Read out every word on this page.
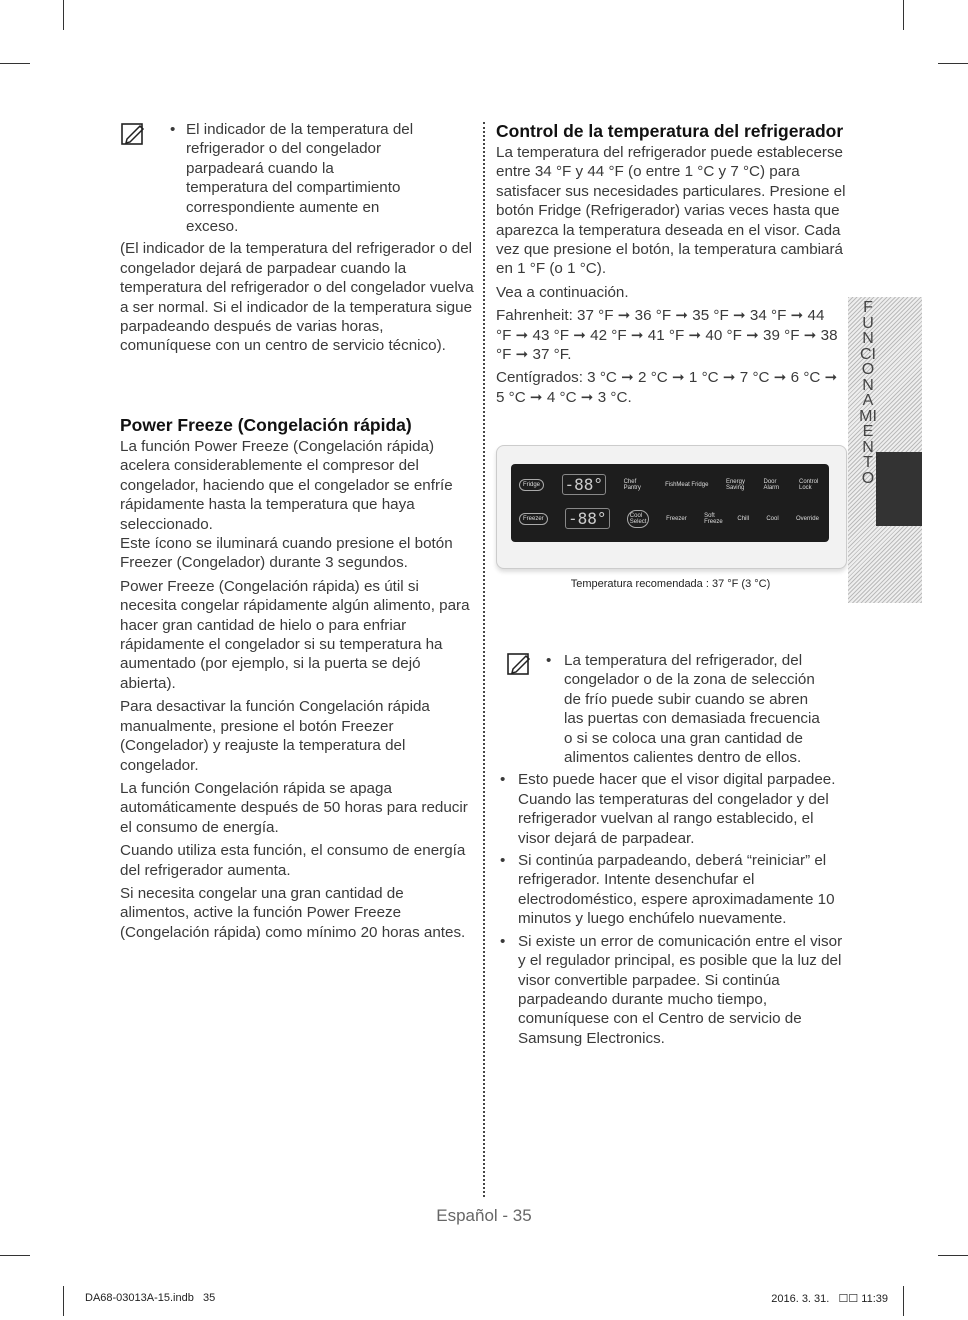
• El indicador de la temperatura del refrigerador o del congelador parpadeará cuando la temperatura del compartimiento correspondiente aumente en exceso.

(El indicador de la temperatura del refrigerador o del congelador dejará de parpadear cuando la temperatura del refrigerador o del congelador vuelva a ser normal. Si el indicador de la temperatura sigue parpadeando después de varias horas, comuníquese con un centro de servicio técnico).

Power Freeze (Congelación rápida)

La función Power Freeze (Congelación rápida) acelera considerablemente el compresor del congelador, haciendo que el congelador se enfríe rápidamente hasta la temperatura que haya seleccionado.

Este ícono se iluminará cuando presione el botón Freezer (Congelador) durante 3 segundos.

Power Freeze (Congelación rápida) es útil si necesita congelar rápidamente algún alimento, para hacer gran cantidad de hielo o para enfriar rápidamente el congelador si su temperatura ha aumentado (por ejemplo, si la puerta se dejó abierta).

Para desactivar la función Congelación rápida manualmente, presione el botón Freezer (Congelador) y reajuste la temperatura del congelador.

La función Congelación rápida se apaga automáticamente después de 50 horas para reducir el consumo de energía.

Cuando utiliza esta función, el consumo de energía del refrigerador aumenta.

Si necesita congelar una gran cantidad de alimentos, active la función Power Freeze (Congelación rápida) como mínimo 20 horas antes.

Control de la temperatura del refrigerador

La temperatura del refrigerador puede establecerse entre 34 °F y 44 °F (o entre 1 °C y 7 °C) para satisfacer sus necesidades particulares. Presione el botón Fridge (Refrigerador) varias veces hasta que aparezca la temperatura deseada en el visor. Cada vez que presione el botón, la temperatura cambiará en 1 °F (o 1 °C).

Vea a continuación.

Fahrenheit: 37 °F ➞ 36 °F ➞ 35 °F ➞ 34 °F ➞ 44 °F ➞ 43 °F ➞ 42 °F ➞ 41 °F ➞ 40 °F ➞ 39 °F ➞ 38 °F ➞ 37 °F.

Centígrados: 3 °C ➞ 2 °C ➞ 1 °C ➞ 7 °C ➞ 6 °C ➞ 5 °C ➞ 4 °C ➞ 3 °C.

Fridge -88°	Chef Pantry	FishMeat Fridge	Energy Saving
Door Alarm
Control Lock
Freezer -88°	Cool Select	Freezer	Soft Freeze Chill	Cool	Override
Temperatura recomendada : 37 °F (3 °C)
• La temperatura del refrigerador, del congelador o de la zona de selección de frío puede subir cuando se abren las puertas con demasiada frecuencia o si se coloca una gran cantidad de alimentos calientes dentro de ellos.
• Esto puede hacer que el visor digital parpadee. Cuando las temperaturas del congelador y del refrigerador vuelvan al rango establecido, el visor dejará de parpadear.
• Si continúa parpadeando, deberá “reiniciar” el refrigerador. Intente desenchufar el electrodoméstico, espere aproximadamente 10 minutos y luego enchúfelo nuevamente.
• Si existe un error de comunicación entre el visor y el regulador principal, es posible que la luz del visor convertible parpadee. Si continúa parpadeando durante mucho tiempo, comuníquese con el Centro de servicio de Samsung Electronics.
FUNCIONAMIENTO
Español - 35
DA68-03013A-15.indb   35	2016. 3. 31.   ☐☐ 11:39
